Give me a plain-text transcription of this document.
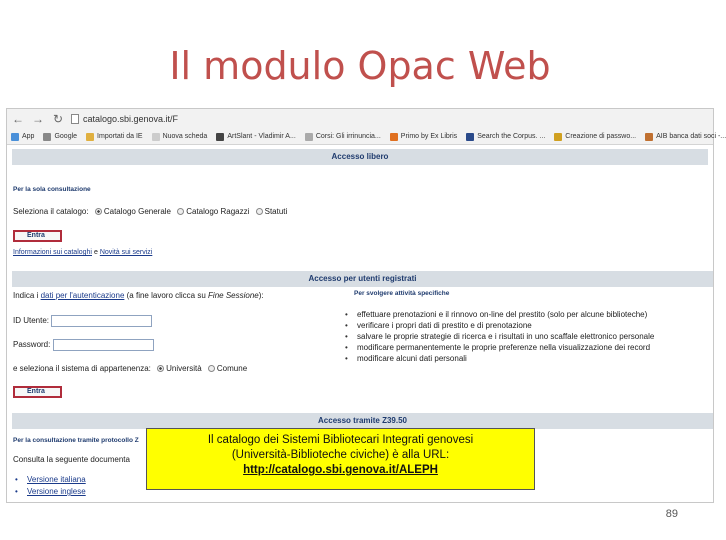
Il modulo Opac Web
← → ↻ catalogo.sbi.genova.it/F
App	Google	Importati da IE	Nuova scheda	ArtSlant - Vladimir A...	Corsi: Gli irrinuncia...	Primo by Ex Libris	Search the Corpus. ...	Creazione di passwo...	AIB banca dati soci -...
Accesso libero
Per la sola consultazione
Seleziona il catalogo: Catalogo Generale Catalogo Ragazzi Statuti
Entra
Informazioni sui cataloghi e Novità sui servizi
Accesso per utenti registrati
Indica i dati per l'autenticazione (a fine lavoro clicca su Fine Sessione):
ID Utente:
Password:
e seleziona il sistema di appartenenza: Università Comune
Entra
Per svolgere attività specifiche
• effettuare prenotazioni e il rinnovo on-line del prestito (solo per alcune biblioteche)
• verificare i propri dati di prestito e di prenotazione
• salvare le proprie strategie di ricerca e i risultati in uno scaffale elettronico personale
• modificare permanentemente le proprie preferenze nella visualizzazione dei record
• modificare alcuni dati personali
Accesso tramite Z39.50
Per la consultazione tramite protocollo Z
Consulta la seguente documenta
• Versione italiana
• Versione inglese
Il catalogo dei Sistemi Bibliotecari Integrati genovesi
(Università-Biblioteche civiche) è alla URL:
http://catalogo.sbi.genova.it/ALEPH
89
